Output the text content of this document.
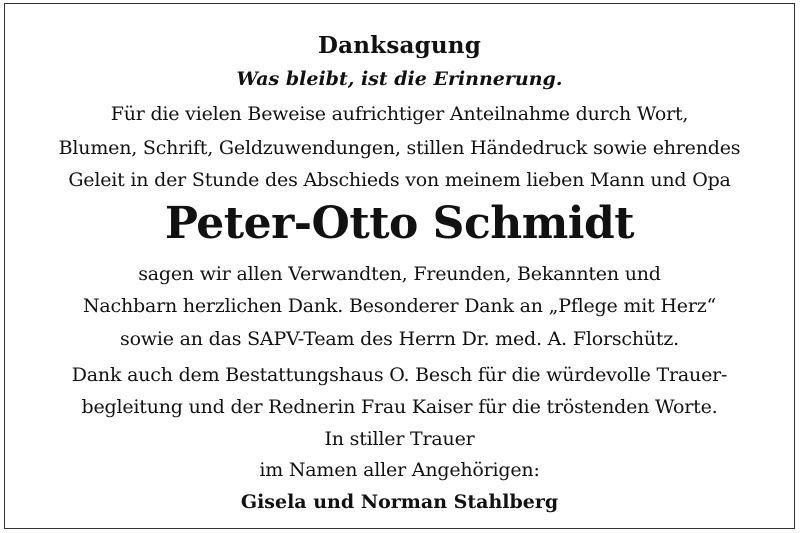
Danksagung
Was bleibt, ist die Erinnerung.
Für die vielen Beweise aufrichtiger Anteilnahme durch Wort,
Blumen, Schrift, Geldzuwendungen, stillen Händedruck sowie ehrendes
Geleit in der Stunde des Abschieds von meinem lieben Mann und Opa
Peter-Otto Schmidt
sagen wir allen Verwandten, Freunden, Bekannten und
Nachbarn herzlichen Dank. Besonderer Dank an „Pflege mit Herz“
sowie an das SAPV-Team des Herrn Dr. med. A. Florschütz.
Dank auch dem Bestattungshaus O. Besch für die würdevolle Trauer-
begleitung und der Rednerin Frau Kaiser für die tröstenden Worte.
In stiller Trauer
im Namen aller Angehörigen:
Gisela und Norman Stahlberg
